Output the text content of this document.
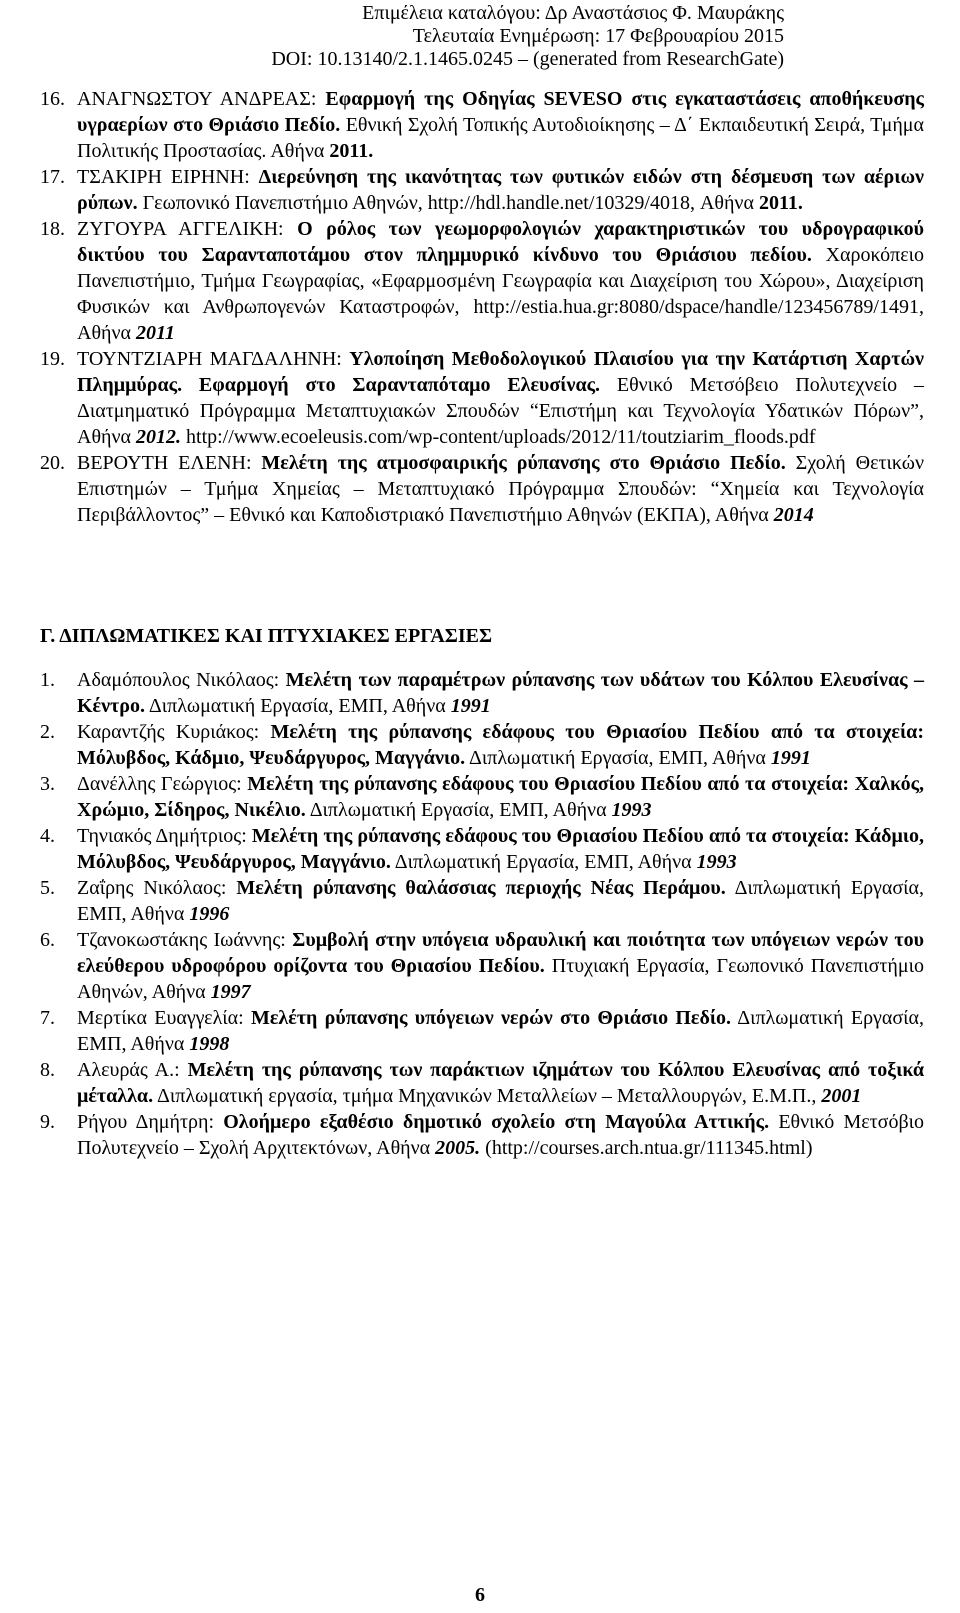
Επιμέλεια καταλόγου: Δρ Αναστάσιος Φ. Μαυράκης
Τελευταία Ενημέρωση: 17 Φεβρουαρίου 2015
DOI: 10.13140/2.1.1465.0245 – (generated from ResearchGate)
16. ΑΝΑΓΝΩΣΤΟΥ ΑΝΔΡΕΑΣ: Εφαρμογή της Οδηγίας SEVESO στις εγκαταστάσεις αποθήκευσης υγραερίων στο Θριάσιο Πεδίο. Εθνική Σχολή Τοπικής Αυτοδιοίκησης – Δ΄ Εκπαιδευτική Σειρά, Τμήμα Πολιτικής Προστασίας. Αθήνα 2011.
17. ΤΣΑΚΙΡΗ ΕΙΡΗΝΗ: Διερεύνηση της ικανότητας των φυτικών ειδών στη δέσμευση των αέριων ρύπων. Γεωπονικό Πανεπιστήμιο Αθηνών, http://hdl.handle.net/10329/4018, Αθήνα 2011.
18. ΖΥΓΟΥΡΑ ΑΓΓΕΛΙΚΗ: Ο ρόλος των γεωμορφολογιών χαρακτηριστικών του υδρογραφικού δικτύου του Σαρανταποτάμου στον πλημμυρικό κίνδυνο του Θριάσιου πεδίου. Χαροκόπειο Πανεπιστήμιο, Τμήμα Γεωγραφίας, «Εφαρμοσμένη Γεωγραφία και Διαχείριση του Χώρου», Διαχείριση Φυσικών και Ανθρωπογενών Καταστροφών, http://estia.hua.gr:8080/dspace/handle/123456789/1491, Αθήνα 2011
19. ΤΟΥΝΤΖΙΑΡΗ ΜΑΓΔΑΛΗΝΗ: Υλοποίηση Μεθοδολογικού Πλαισίου για την Κατάρτιση Χαρτών Πλημμύρας. Εφαρμογή στο Σαρανταπόταμο Ελευσίνας. Εθνικό Μετσόβειο Πολυτεχνείο – Διατμηματικό Πρόγραμμα Μεταπτυχιακών Σπουδών “Επιστήμη και Τεχνολογία Υδατικών Πόρων”, Αθήνα 2012. http://www.ecoeleusis.com/wp-content/uploads/2012/11/toutziarim_floods.pdf
20. ΒΕΡΟΥΤΗ ΕΛΕΝΗ: Μελέτη της ατμοσφαιρικής ρύπανσης στο Θριάσιο Πεδίο. Σχολή Θετικών Επιστημών – Τμήμα Χημείας – Μεταπτυχιακό Πρόγραμμα Σπουδών: “Χημεία και Τεχνολογία Περιβάλλοντος” – Εθνικό και Καποδιστριακό Πανεπιστήμιο Αθηνών (ΕΚΠΑ), Αθήνα 2014
Γ. ΔΙΠΛΩΜΑΤΙΚΕΣ ΚΑΙ ΠΤΥΧΙΑΚΕΣ ΕΡΓΑΣΙΕΣ
1.	Αδαμόπουλος Νικόλαος: Μελέτη των παραμέτρων ρύπανσης των υδάτων του Κόλπου Ελευσίνας – Κέντρο. Διπλωματική Εργασία, ΕΜΠ, Αθήνα 1991
2.	Καραντζής Κυριάκος: Μελέτη της ρύπανσης εδάφους του Θριασίου Πεδίου από τα στοιχεία: Μόλυβδος, Κάδμιο, Ψευδάργυρος, Μαγγάνιο. Διπλωματική Εργασία, ΕΜΠ, Αθήνα 1991
3.	Δανέλλης Γεώργιος: Μελέτη της ρύπανσης εδάφους του Θριασίου Πεδίου από τα στοιχεία: Χαλκός, Χρώμιο, Σίδηρος, Νικέλιο. Διπλωματική Εργασία, ΕΜΠ, Αθήνα 1993
4.	Τηνιακός Δημήτριος: Μελέτη της ρύπανσης εδάφους του Θριασίου Πεδίου από τα στοιχεία: Κάδμιο, Μόλυβδος, Ψευδάργυρος, Μαγγάνιο. Διπλωματική Εργασία, ΕΜΠ, Αθήνα 1993
5.	Ζαΐρης Νικόλαος: Μελέτη ρύπανσης θαλάσσιας περιοχής Νέας Περάμου. Διπλωματική Εργασία, ΕΜΠ, Αθήνα 1996
6.	Τζανοκωστάκης Ιωάννης: Συμβολή στην υπόγεια υδραυλική και ποιότητα των υπόγειων νερών του ελεύθερου υδροφόρου ορίζοντα του Θριασίου Πεδίου. Πτυχιακή Εργασία, Γεωπονικό Πανεπιστήμιο Αθηνών, Αθήνα 1997
7.	Μερτίκα Ευαγγελία: Μελέτη ρύπανσης υπόγειων νερών στο Θριάσιο Πεδίο. Διπλωματική Εργασία, ΕΜΠ, Αθήνα 1998
8.	Αλευράς Α.: Μελέτη της ρύπανσης των παράκτιων ιζημάτων του Κόλπου Ελευσίνας από τοξικά μέταλλα. Διπλωματική εργασία, τμήμα Μηχανικών Μεταλλείων – Μεταλλουργών, Ε.Μ.Π., 2001
9.	Ρήγου Δημήτρη: Ολοήμερο εξαθέσιο δημοτικό σχολείο στη Μαγούλα Αττικής. Εθνικό Μετσόβιο Πολυτεχνείο – Σχολή Αρχιτεκτόνων, Αθήνα 2005. (http://courses.arch.ntua.gr/111345.html)
6
